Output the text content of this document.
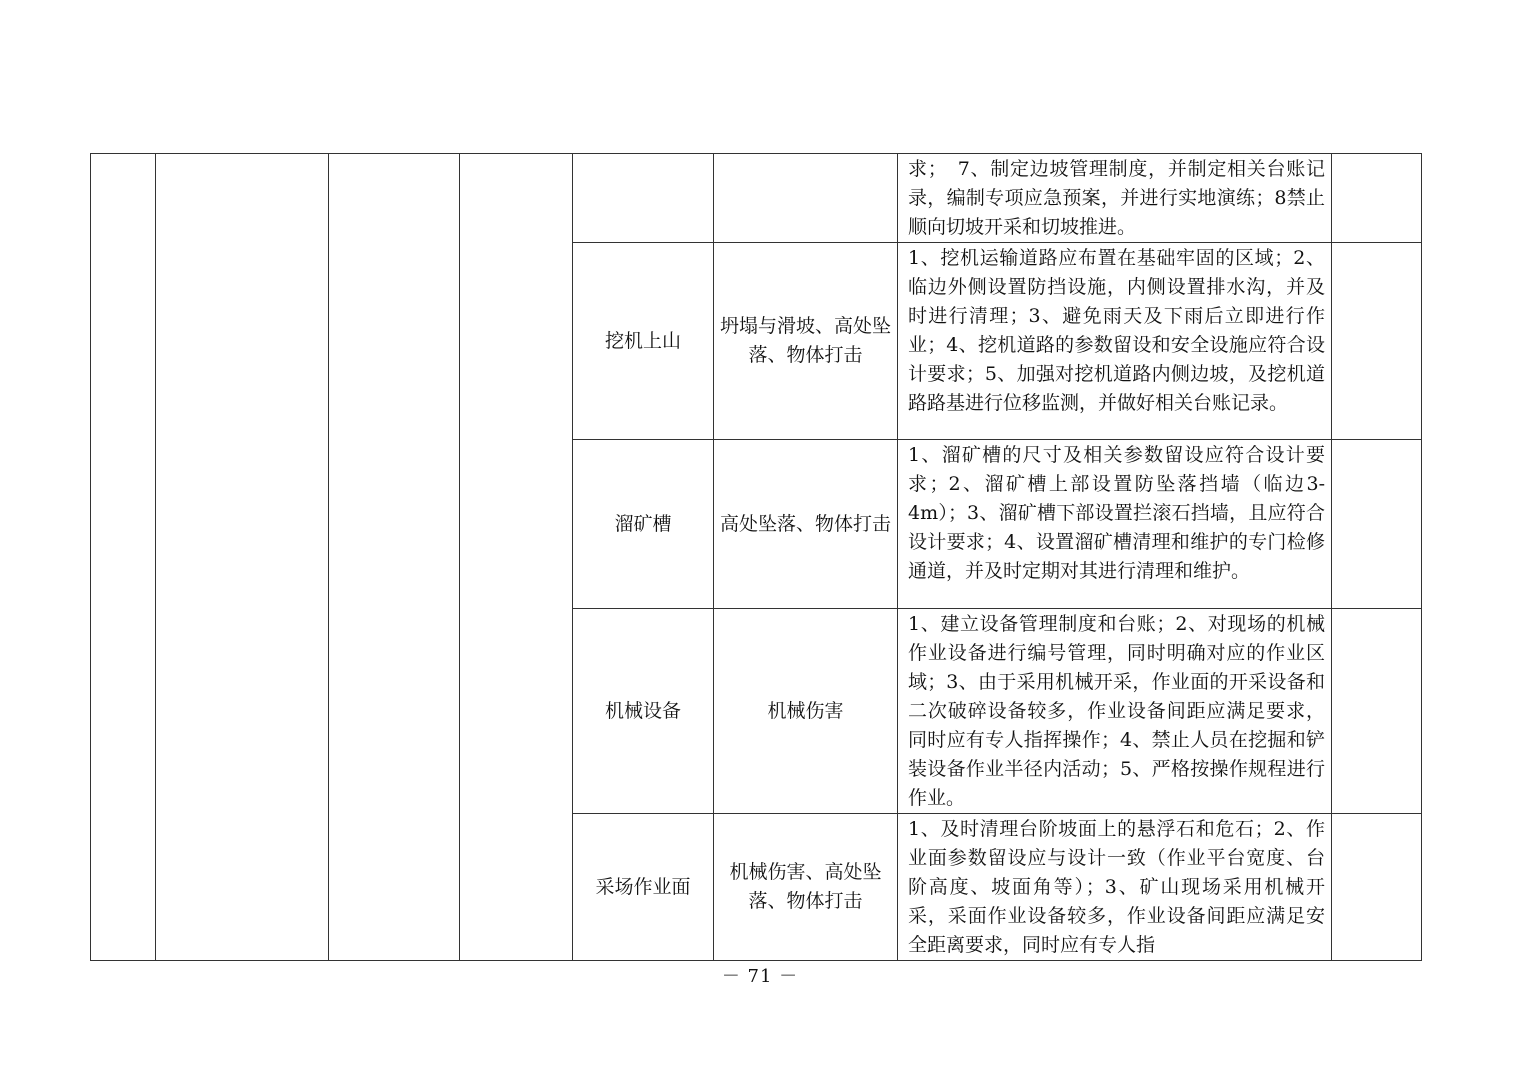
						求；　7、制定边坡管理制度，并制定相关台账记录，编制专项应急预案，并进行实地演练；8禁止顺向切坡开采和切坡推进。	
				挖机上山	坍塌与滑坡、高处坠落、物体打击	1、挖机运输道路应布置在基础牢固的区域；2、临边外侧设置防挡设施，内侧设置排水沟，并及时进行清理；3、避免雨天及下雨后立即进行作业；4、挖机道路的参数留设和安全设施应符合设计要求；5、加强对挖机道路内侧边坡，及挖机道路路基进行位移监测，并做好相关台账记录。	
				溜矿槽	高处坠落、物体打击	1、溜矿槽的尺寸及相关参数留设应符合设计要求；2、溜矿槽上部设置防坠落挡墙（临边3-4m）；3、溜矿槽下部设置拦滚石挡墙，且应符合设计要求；4、设置溜矿槽清理和维护的专门检修通道，并及时定期对其进行清理和维护。	
				机械设备	机械伤害	1、建立设备管理制度和台账；2、对现场的机械作业设备进行编号管理，同时明确对应的作业区域；3、由于采用机械开采，作业面的开采设备和二次破碎设备较多，作业设备间距应满足要求，同时应有专人指挥操作；4、禁止人员在挖掘和铲装设备作业半径内活动；5、严格按操作规程进行作业。	
				采场作业面	机械伤害、高处坠落、物体打击	1、及时清理台阶坡面上的悬浮石和危石；2、作业面参数留设应与设计一致（作业平台宽度、台阶高度、坡面角等）；3、矿山现场采用机械开采，采面作业设备较多，作业设备间距应满足安全距离要求，同时应有专人指	
－ 71 －
